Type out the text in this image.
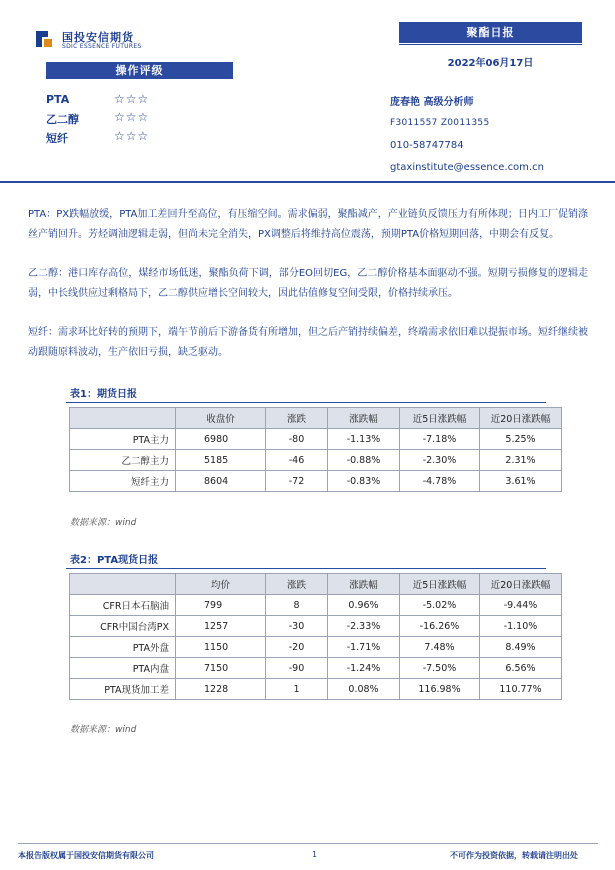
国投安信期货
SDIC ESSENCE FUTURES
聚酯日报
2022年06月17日
操作评级
PTA	☆☆☆
乙二醇	☆☆☆
短纤	☆☆☆
庞春艳 高级分析师
F3011557 Z0011355
010-58747784
gtaxinstitute@essence.com.cn
PTA：PX跌幅放缓，PTA加工差回升至高位，有压缩空间。需求偏弱，聚酯减产，产业链负反馈压力有所体现；日内工厂促销涤丝产销回升。芳烃调油逻辑走弱，但尚未完全消失，PX调整后将维持高位震荡，预期PTA价格短期回落，中期会有反复。
乙二醇：港口库存高位，煤经市场低迷，聚酯负荷下调，部分EO回切EG，乙二醇价格基本面驱动不强。短期亏损修复的逻辑走弱，中长线供应过剩格局下，乙二醇供应增长空间较大，因此估值修复空间受限，价格持续承压。
短纤：需求环比好转的预期下，端午节前后下游备货有所增加，但之后产销持续偏差，终端需求依旧难以提振市场。短纤继续被动跟随原料波动，生产依旧亏损，缺乏驱动。
表1：期货日报
	收盘价	涨跌	涨跌幅	近5日涨跌幅	近20日涨跌幅
PTA主力	6980	-80	-1.13%	-7.18%	5.25%
乙二醇主力	5185	-46	-0.88%	-2.30%	2.31%
短纤主力	8604	-72	-0.83%	-4.78%	3.61%
数据来源：wind
表2：PTA现货日报
	均价	涨跌	涨跌幅	近5日涨跌幅	近20日涨跌幅
CFR日本石脑油	799	8	0.96%	-5.02%	-9.44%
CFR中国台湾PX	1257	-30	-2.33%	-16.26%	-1.10%
PTA外盘	1150	-20	-1.71%	7.48%	8.49%
PTA内盘	7150	-90	-1.24%	-7.50%	6.56%
PTA现货加工差	1228	1	0.08%	116.98%	110.77%
数据来源：wind
本报告版权属于国投安信期货有限公司	1	不可作为投资依据，转载请注明出处
